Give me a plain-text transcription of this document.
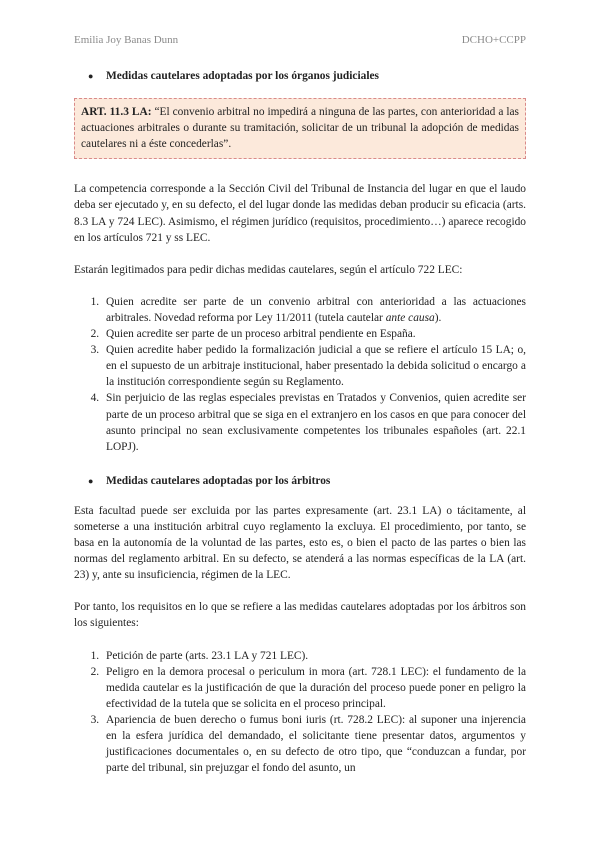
Emilia Joy Banas Dunn	DCHO+CCPP
● Medidas cautelares adoptadas por los órganos judiciales
ART. 11.3 LA: “El convenio arbitral no impedirá a ninguna de las partes, con anterioridad a las actuaciones arbitrales o durante su tramitación, solicitar de un tribunal la adopción de medidas cautelares ni a éste concederlas”.

La competencia corresponde a la Sección Civil del Tribunal de Instancia del lugar en que el laudo deba ser ejecutado y, en su defecto, el del lugar donde las medidas deban producir su eficacia (arts. 8.3 LA y 724 LEC). Asimismo, el régimen jurídico (requisitos, procedimiento…) aparece recogido en los artículos 721 y ss LEC.

Estarán legitimados para pedir dichas medidas cautelares, según el artículo 722 LEC:

1. Quien acredite ser parte de un convenio arbitral con anterioridad a las actuaciones arbitrales. Novedad reforma por Ley 11/2011 (tutela cautelar ante causa).
2. Quien acredite ser parte de un proceso arbitral pendiente en España.
3. Quien acredite haber pedido la formalización judicial a que se refiere el artículo 15 LA; o, en el supuesto de un arbitraje institucional, haber presentado la debida solicitud o encargo a la institución correspondiente según su Reglamento.
4. Sin perjuicio de las reglas especiales previstas en Tratados y Convenios, quien acredite ser parte de un proceso arbitral que se siga en el extranjero en los casos en que para conocer del asunto principal no sean exclusivamente competentes los tribunales españoles (art. 22.1 LOPJ).
● Medidas cautelares adoptadas por los árbitros

Esta facultad puede ser excluida por las partes expresamente (art. 23.1 LA) o tácitamente, al someterse a una institución arbitral cuyo reglamento la excluya. El procedimiento, por tanto, se basa en la autonomía de la voluntad de las partes, esto es, o bien el pacto de las partes o bien las normas del reglamento arbitral. En su defecto, se atenderá a las normas específicas de la LA (art. 23) y, ante su insuficiencia, régimen de la LEC.

Por tanto, los requisitos en lo que se refiere a las medidas cautelares adoptadas por los árbitros son los siguientes:

1. Petición de parte (arts. 23.1 LA y 721 LEC).
2. Peligro en la demora procesal o periculum in mora (art. 728.1 LEC): el fundamento de la medida cautelar es la justificación de que la duración del proceso puede poner en peligro la efectividad de la tutela que se solicita en el proceso principal.
3. Apariencia de buen derecho o fumus boni iuris (rt. 728.2 LEC): al suponer una injerencia en la esfera jurídica del demandado, el solicitante tiene presentar datos, argumentos y justificaciones documentales o, en su defecto de otro tipo, que “conduzcan a fundar, por parte del tribunal, sin prejuzgar el fondo del asunto, un
